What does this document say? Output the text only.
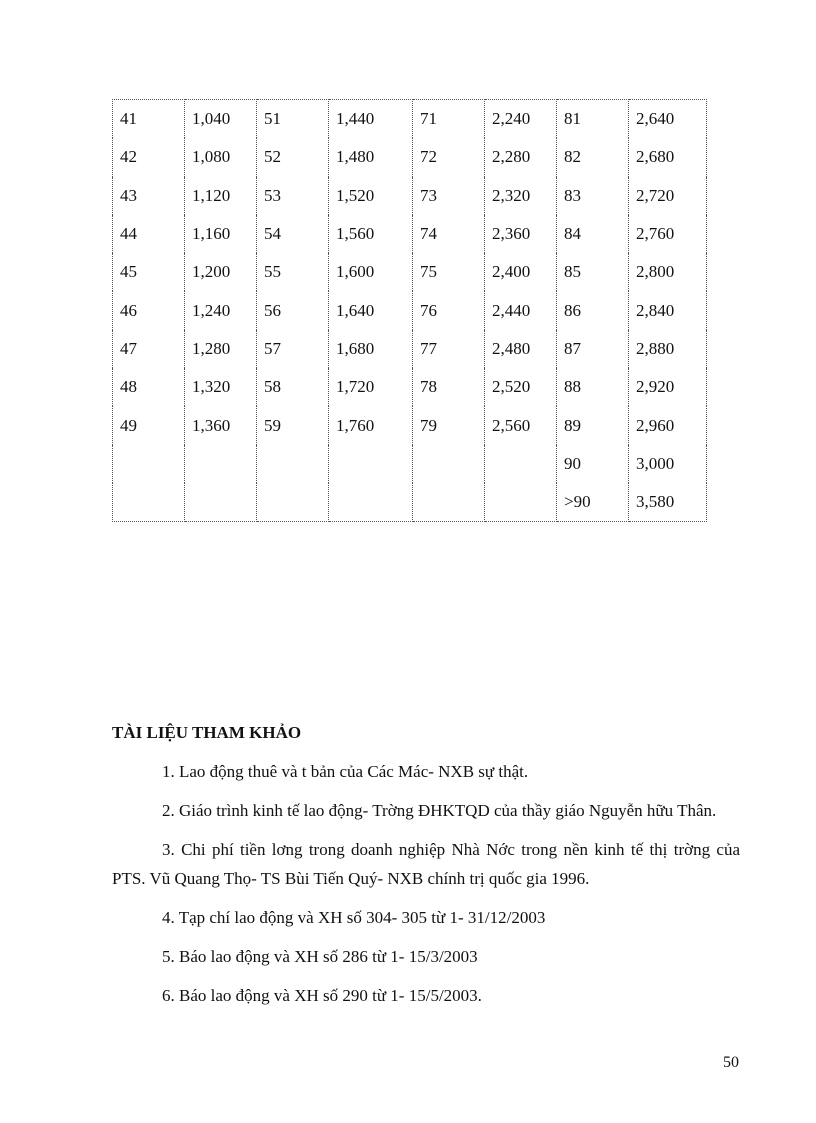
41	1,040	51	1,440	71	2,240	81	2,640
42	1,080	52	1,480	72	2,280	82	2,680
43	1,120	53	1,520	73	2,320	83	2,720
44	1,160	54	1,560	74	2,360	84	2,760
45	1,200	55	1,600	75	2,400	85	2,800
46	1,240	56	1,640	76	2,440	86	2,840
47	1,280	57	1,680	77	2,480	87	2,880
48	1,320	58	1,720	78	2,520	88	2,920
49	1,360	59	1,760	79	2,560	89	2,960
						90	3,000
						>90	3,580
TÀI LIỆU THAM KHẢO

1. Lao động thuê và t bản của Các Mác- NXB sự thật.

2. Giáo trình kinh tế lao động- Trờng ĐHKTQD của thầy giáo Nguyễn hữu Thân.

3. Chi phí tiền lơng trong doanh nghiệp Nhà Nớc trong nền kinh tế thị trờng của PTS. Vũ Quang Thọ- TS Bùi Tiến Quý- NXB chính trị quốc gia 1996.

4. Tạp chí lao động và XH số 304- 305 từ 1- 31/12/2003

5. Báo lao động và XH số 286 từ 1- 15/3/2003

6. Báo lao động và XH số 290 từ 1- 15/5/2003.

50
